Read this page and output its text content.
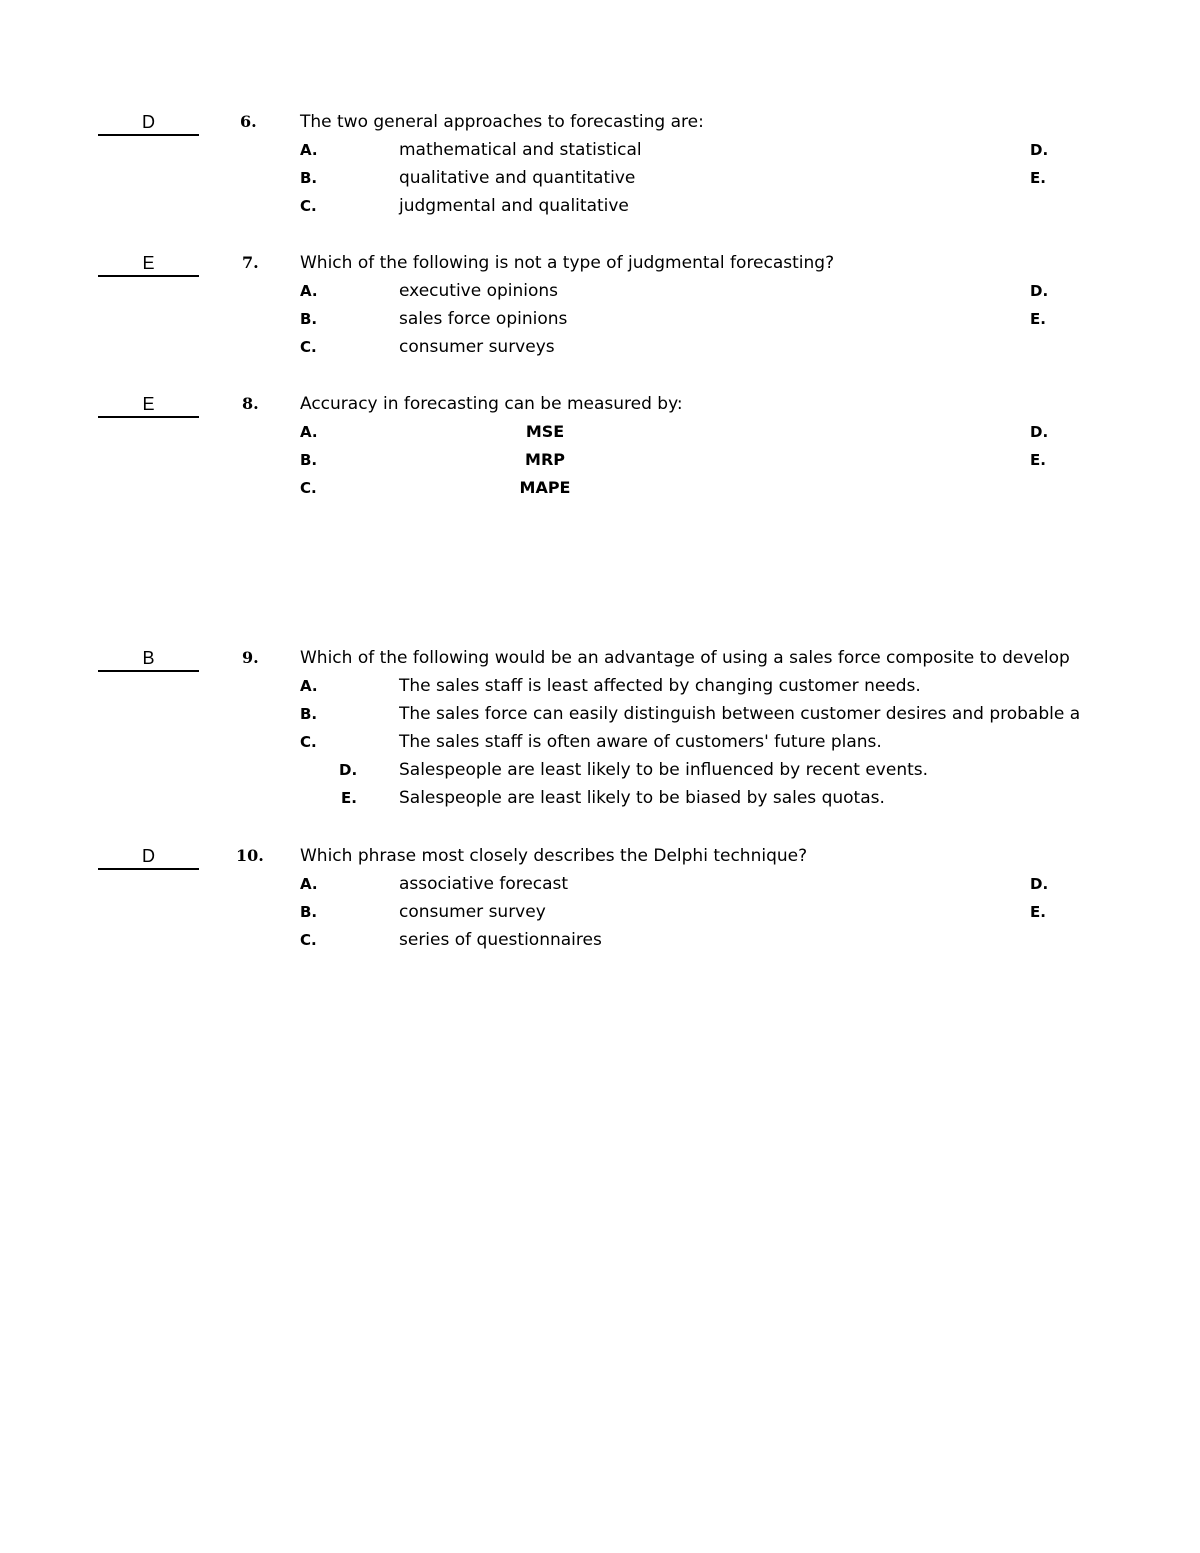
D	6.	The two general approaches to forecasting are:
A.	mathematical and statistical	D.
B.	qualitative and quantitative	E.
C.	judgmental and qualitative
E	7. Which of the following is not a type of judgmental forecasting?
A.	executive opinions	D.
B.	sales force opinions	E.
C.	consumer surveys
E	8. Accuracy in forecasting can be measured by:
A.	MSE	D.
B.	MRP	E.
C.	MAPE
B	9. Which of the following would be an advantage of using a sales force composite to develop
A.	The sales staff is least affected by changing customer needs.
B.	The sales force can easily distinguish between customer desires and probable a
C.	The sales staff is often aware of customers' future plans.
D. Salespeople are least likely to be influenced by recent events.
E. Salespeople are least likely to be biased by sales quotas.
D	10. Which phrase most closely describes the Delphi technique?
A.	associative forecast	D.
B.	consumer survey	E.
C.	series of questionnaires
